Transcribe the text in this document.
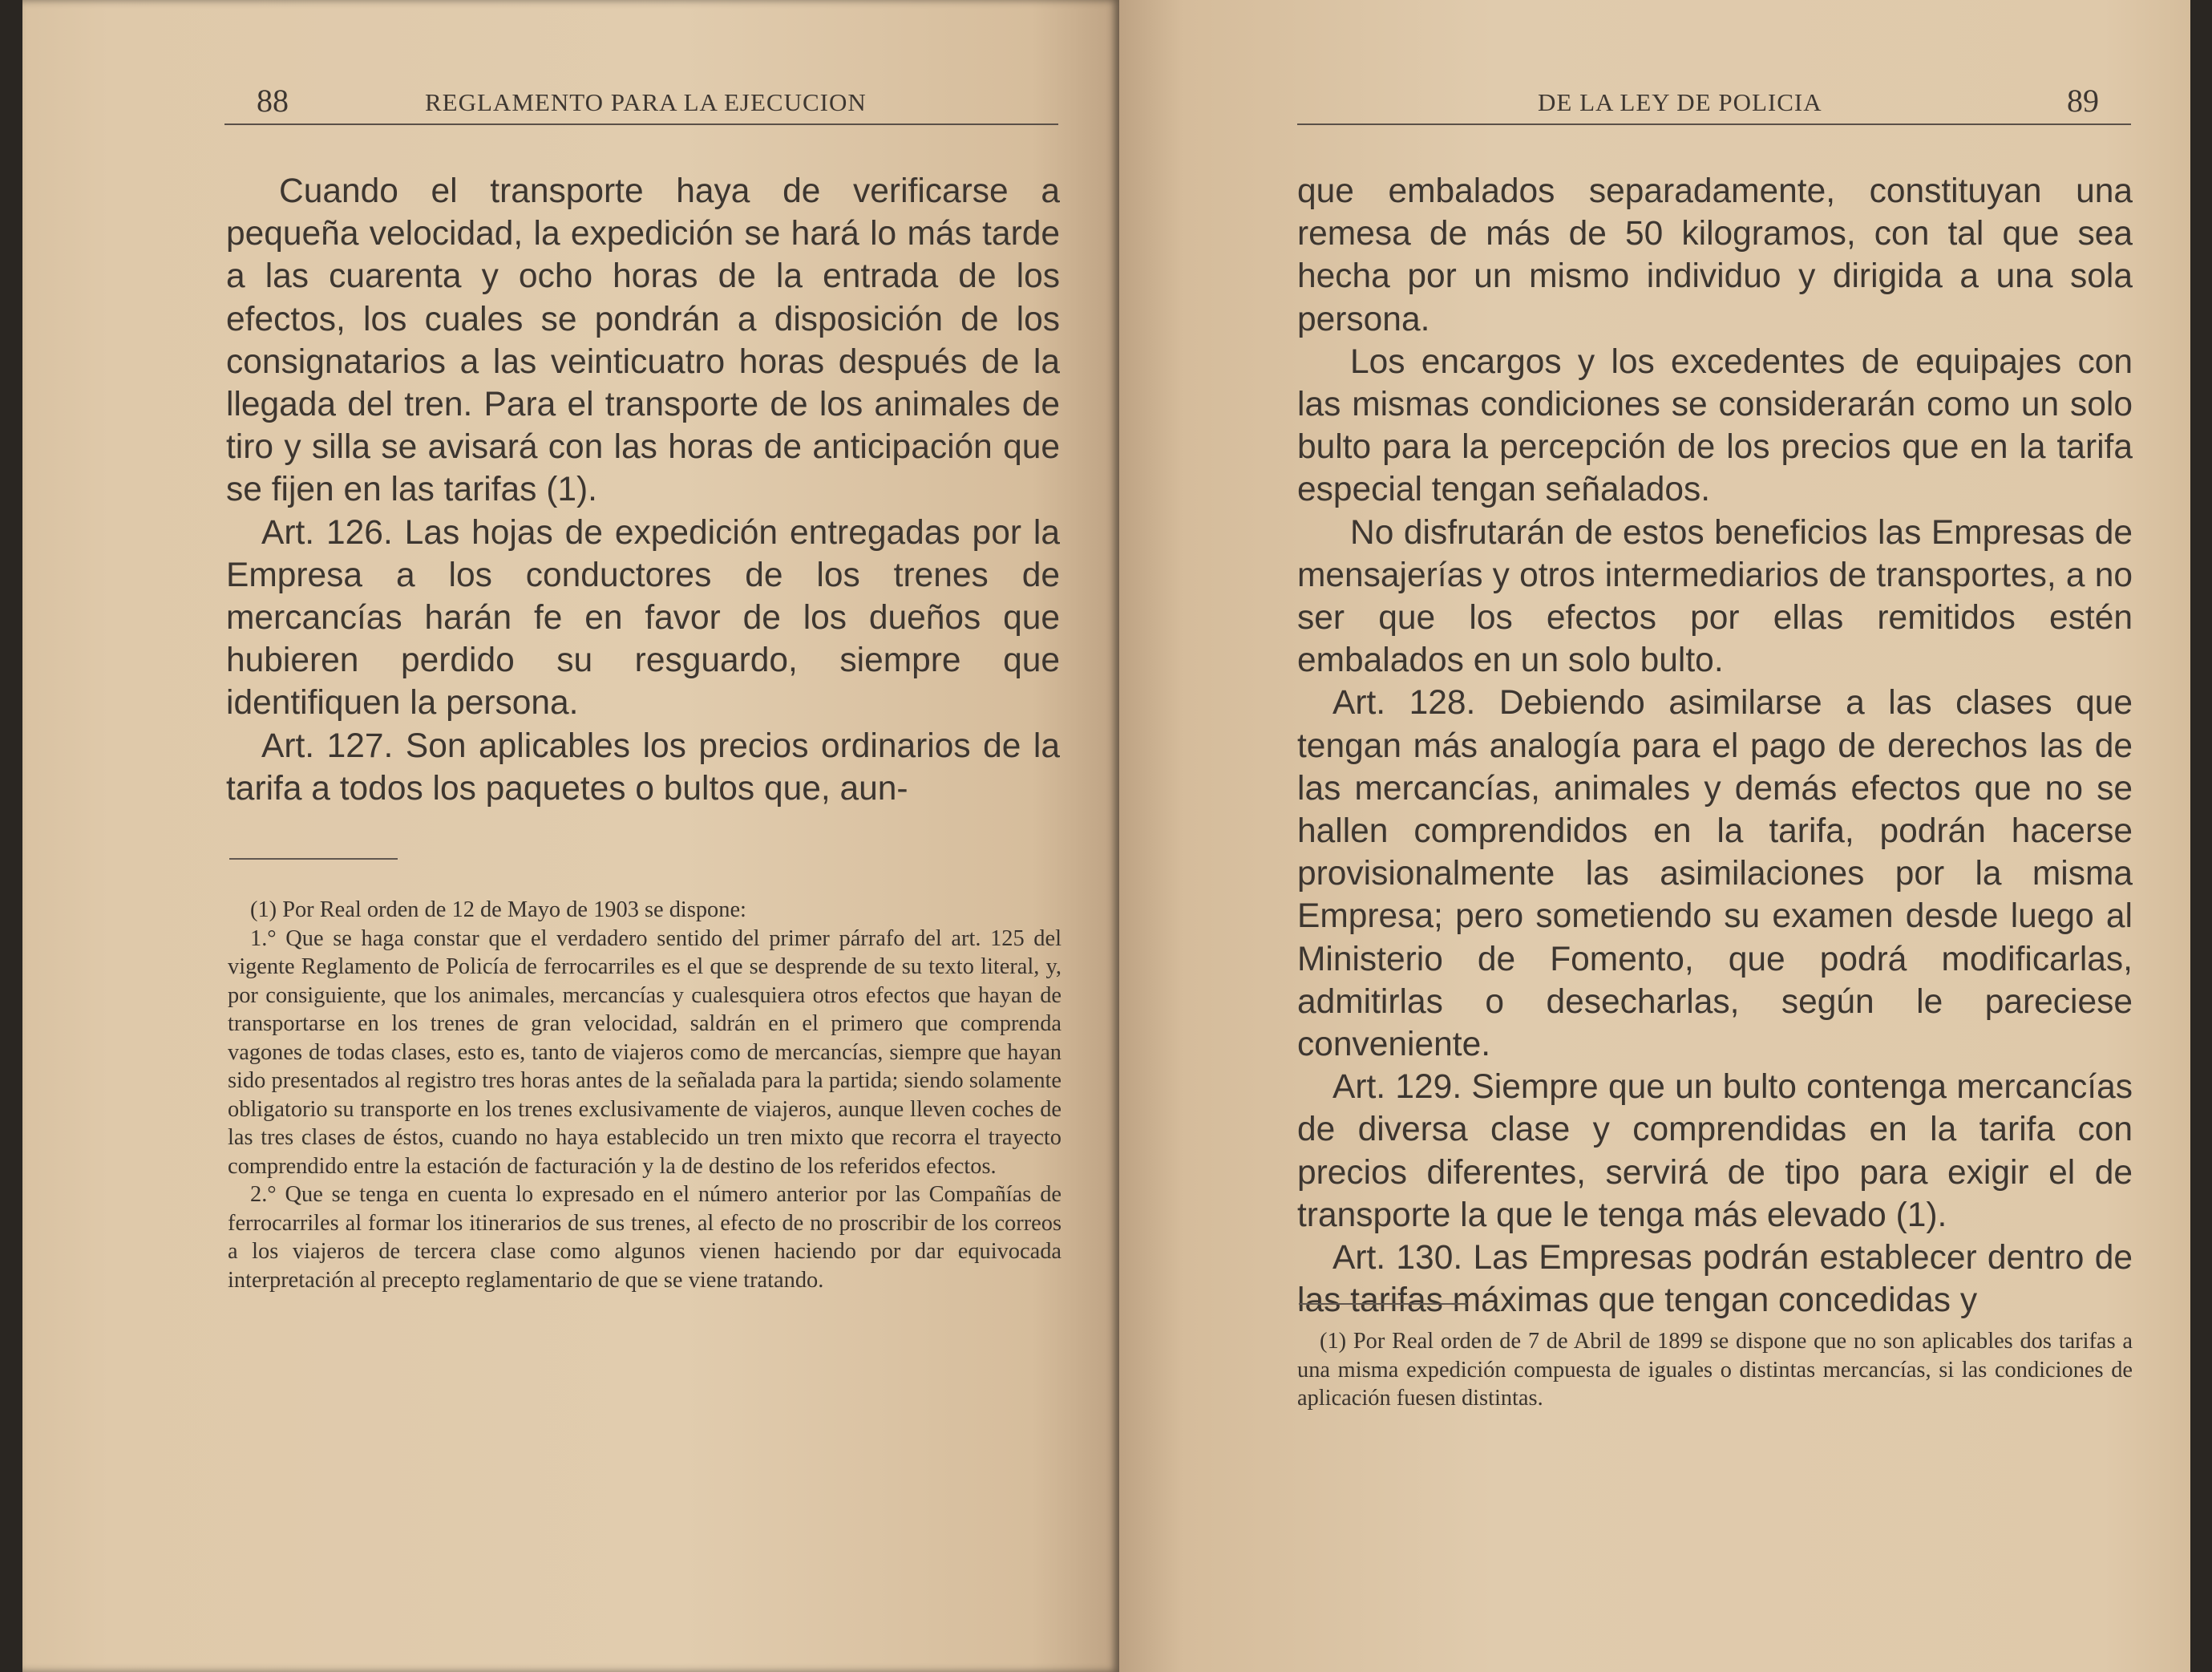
88	REGLAMENTO PARA LA EJECUCION

Cuando el transporte haya de verificarse a pequeña velocidad, la expedición se hará lo más tarde a las cuarenta y ocho horas de la entrada de los efectos, los cuales se pondrán a disposición de los consignatarios a las veinticuatro horas después de la llegada del tren. Para el transporte de los animales de tiro y silla se avisará con las horas de anticipación que se fijen en las tarifas (1).

Art. 126. Las hojas de expedición entregadas por la Empresa a los conductores de los trenes de mercancías harán fe en favor de los dueños que hubieren perdido su resguardo, siempre que identifiquen la persona.

Art. 127. Son aplicables los precios ordinarios de la tarifa a todos los paquetes o bultos que, aun-

(1) Por Real orden de 12 de Mayo de 1903 se dispone:

1.° Que se haga constar que el verdadero sentido del primer párrafo del art. 125 del vigente Reglamento de Policía de ferrocarriles es el que se desprende de su texto literal, y, por consiguiente, que los animales, mercancías y cualesquiera otros efectos que hayan de transportarse en los trenes de gran velocidad, saldrán en el primero que comprenda vagones de todas clases, esto es, tanto de viajeros como de mercancías, siempre que hayan sido presentados al registro tres horas antes de la señalada para la partida; siendo solamente obligatorio su transporte en los trenes exclusivamente de viajeros, aunque lleven coches de las tres clases de éstos, cuando no haya establecido un tren mixto que recorra el trayecto comprendido entre la estación de facturación y la de destino de los referidos efectos.

2.° Que se tenga en cuenta lo expresado en el número anterior por las Compañías de ferrocarriles al formar los itinerarios de sus trenes, al efecto de no proscribir de los correos a los viajeros de tercera clase como algunos vienen haciendo por dar equivocada interpretación al precepto reglamentario de que se viene tratando.

DE LA LEY DE POLICIA	89

que embalados separadamente, constituyan una remesa de más de 50 kilogramos, con tal que sea hecha por un mismo individuo y dirigida a una sola persona.

Los encargos y los excedentes de equipajes con las mismas condiciones se considerarán como un solo bulto para la percepción de los precios que en la tarifa especial tengan señalados.

No disfrutarán de estos beneficios las Empresas de mensajerías y otros intermediarios de transportes, a no ser que los efectos por ellas remitidos estén embalados en un solo bulto.

Art. 128. Debiendo asimilarse a las clases que tengan más analogía para el pago de derechos las de las mercancías, animales y demás efectos que no se hallen comprendidos en la tarifa, podrán hacerse provisionalmente las asimilaciones por la misma Empresa; pero sometiendo su examen desde luego al Ministerio de Fomento, que podrá modificarlas, admitirlas o desecharlas, según le pareciese conveniente.

Art. 129. Siempre que un bulto contenga mercancías de diversa clase y comprendidas en la tarifa con precios diferentes, servirá de tipo para exigir el de transporte la que le tenga más elevado (1).

Art. 130. Las Empresas podrán establecer dentro de las tarifas máximas que tengan concedidas y

(1) Por Real orden de 7 de Abril de 1899 se dispone que no son aplicables dos tarifas a una misma expedición compuesta de iguales o distintas mercancías, si las condiciones de aplicación fuesen distintas.
